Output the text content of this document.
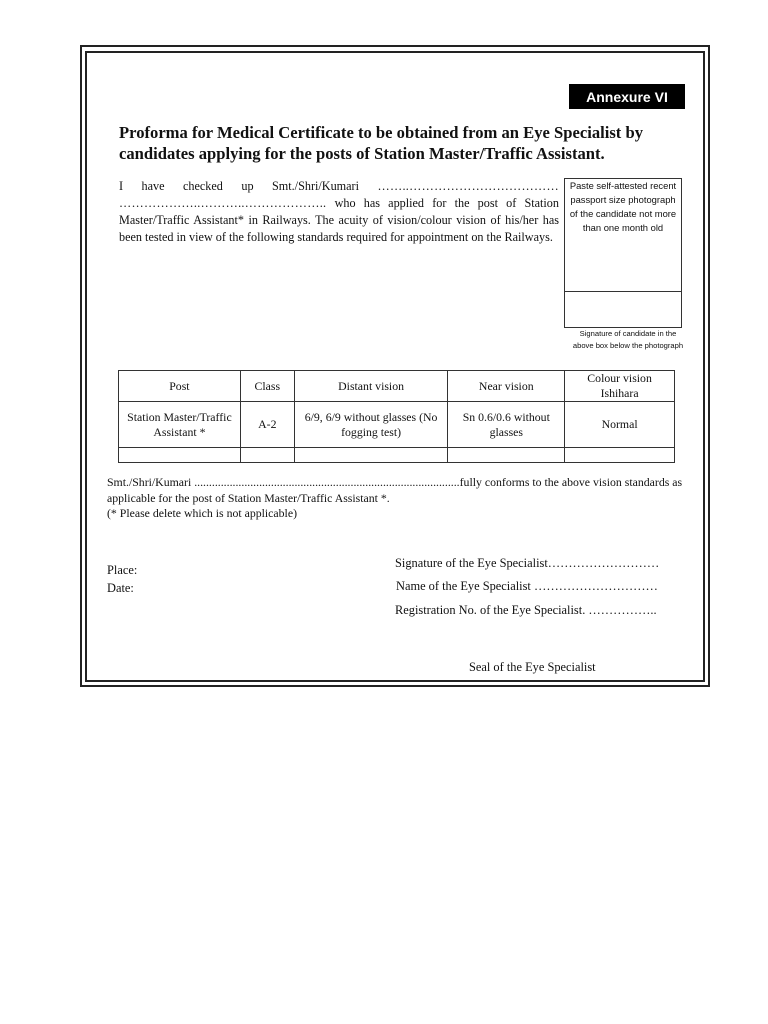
Annexure VI
Proforma for Medical Certificate to be obtained from an Eye Specialist by candidates applying for the posts of Station Master/Traffic Assistant.
I have checked up Smt./Shri/Kumari ……..……………………………… ………………..………..……………….. who has applied for the post of Station Master/Traffic Assistant* in Railways. The acuity of vision/colour vision of his/her has been tested in view of the following standards required for appointment on the Railways.
Paste self-attested recent passport size photograph of the candidate not more than one month old
Signature of candidate in the above box below the photograph
Post	Class	Distant vision	Near vision	Colour vision Ishihara
Station Master/Traffic Assistant *	A-2	6/9, 6/9 without glasses (No fogging test)	Sn 0.6/0.6 without glasses	Normal

Smt./Shri/Kumari ..........................................................................................fully conforms to the above vision standards as applicable for the post of Station Master/Traffic Assistant *.
(* Please delete which is not applicable)
Place:
Date:
Signature of the Eye Specialist………………………
Name of the Eye Specialist …………………………
Registration No. of the Eye Specialist. ……………..
Seal of the Eye Specialist
